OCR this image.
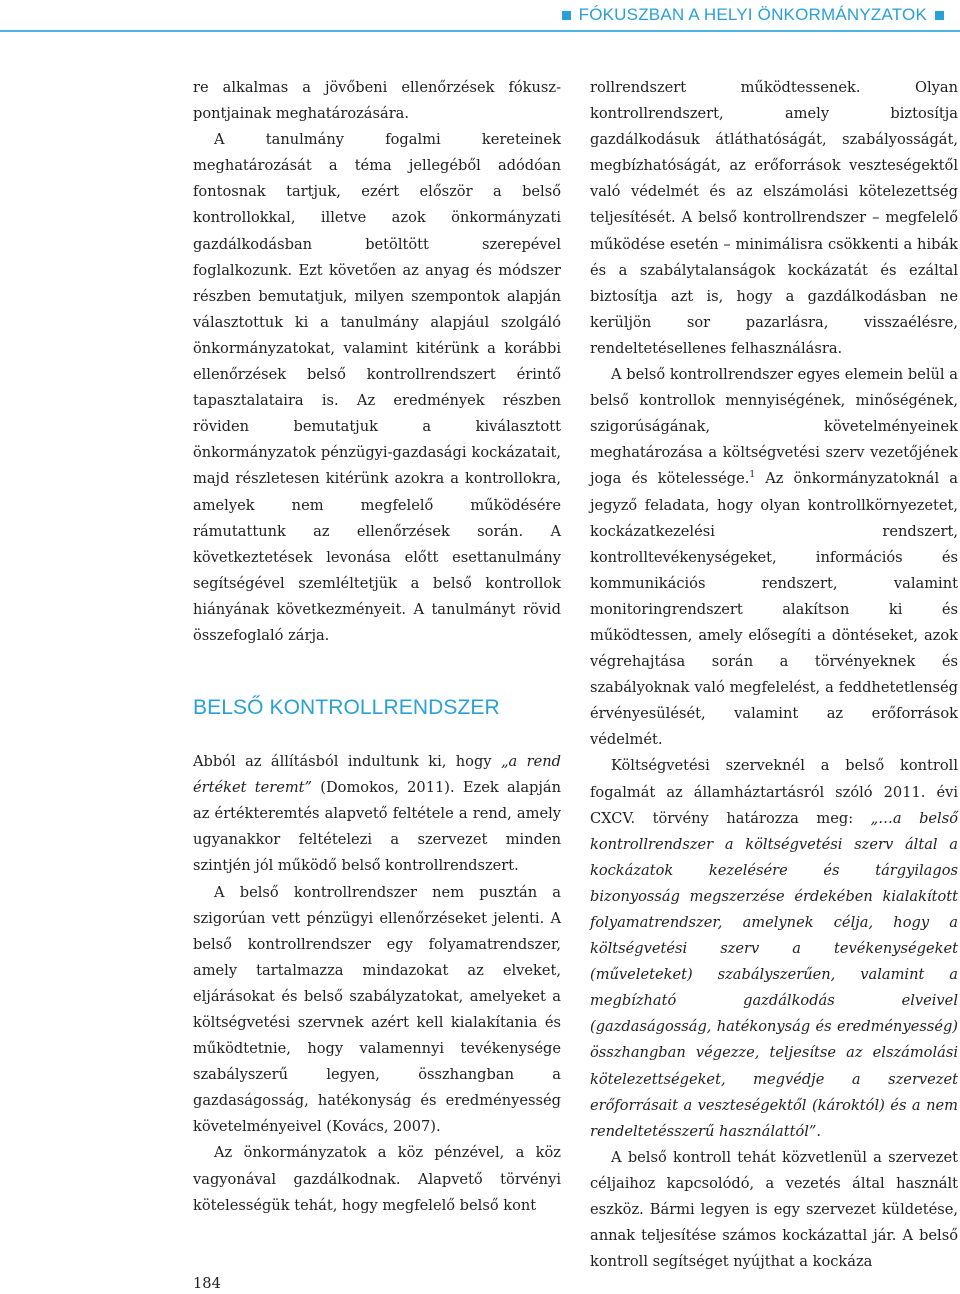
FÓKUSZBAN A HELYI ÖNKORMÁNYZATOK

re alkalmas a jövőbeni ellenőrzések fókuszpontjainak meghatározására.

A tanulmány fogalmi kereteinek meghatározását a téma jellegéből adódóan fontosnak tartjuk, ezért először a belső kontrollokkal, illetve azok önkormányzati gazdálkodásban betöltött szerepével foglalkozunk. Ezt követően az anyag és módszer részben bemutatjuk, milyen szempontok alapján választottuk ki a tanulmány alapjául szolgáló önkormányzatokat, valamint kitérünk a korábbi ellenőrzések belső kontrollrendszert érintő tapasztalataira is. Az eredmények részben röviden bemutatjuk a kiválasztott önkormányzatok pénzügyi-gazdasági kockázatait, majd részletesen kitérünk azokra a kontrollokra, amelyek nem megfelelő működésére rámutattunk az ellenőrzések során. A következtetések levonása előtt esettanulmány segítségével szemléltetjük a belső kontrollok hiányának következményeit. A tanulmányt rövid összefoglaló zárja.

BELSŐ KONTROLLRENDSZER

Abból az állításból indultunk ki, hogy „a rend értéket teremt” (Domokos, 2011). Ezek alapján az értékteremtés alapvető feltétele a rend, amely ugyanakkor feltételezi a szervezet minden szintjén jól működő belső kontrollrendszert.

A belső kontrollrendszer nem pusztán a szigorúan vett pénzügyi ellenőrzéseket jelenti. A belső kontrollrendszer egy folyamatrendszer, amely tartalmazza mindazokat az elveket, eljárásokat és belső szabályzatokat, amelyeket a költségvetési szervnek azért kell kialakítania és működtetnie, hogy valamennyi tevékenysége szabályszerű legyen, összhangban a gazdaságosság, hatékonyság és eredményesség követelményeivel (Kovács, 2007).

Az önkormányzatok a köz pénzével, a köz vagyonával gazdálkodnak. Alapvető törvényi kötelességük tehát, hogy megfelelő belső kont

rollrendszert működtessenek. Olyan kontrollrendszert, amely biztosítja gazdálkodásuk átláthatóságát, szabályosságát, megbízhatóságát, az erőforrások veszteségektől való védelmét és az elszámolási kötelezettség teljesítését. A belső kontrollrendszer – megfelelő működése esetén – minimálisra csökkenti a hibák és a szabálytalanságok kockázatát és ezáltal biztosítja azt is, hogy a gazdálkodásban ne kerüljön sor pazarlásra, visszaélésre, rendeltetésellenes felhasználásra.

A belső kontrollrendszer egyes elemein belül a belső kontrollok mennyiségének, minőségének, szigorúságának, követelményeinek meghatározása a költségvetési szerv vezetőjének joga és kötelessége.$^1$ Az önkormányzatoknál a jegyző feladata, hogy olyan kontrollkörnyezetet, kockázatkezelési rendszert, kontrolltevékenységeket, információs és kommunikációs rendszert, valamint monitoringrendszert alakítson ki és működtessen, amely elősegíti a döntéseket, azok végrehajtása során a törvényeknek és szabályoknak való megfelelést, a feddhetetlenség érvényesülését, valamint az erőforrások védelmét.

Költségvetési szerveknél a belső kontroll fogalmát az államháztartásról szóló 2011. évi CXCV. törvény határozza meg: „…a belső kontrollrendszer a költségvetési szerv által a kockázatok kezelésére és tárgyilagos bizonyosság megszerzése érdekében kialakított folyamatrendszer, amelynek célja, hogy a költségvetési szerv a tevékenységeket (műveleteket) szabályszerűen, valamint a megbízható gazdálkodás elveivel (gazdaságosság, hatékonyság és eredményesség) összhangban végezze, teljesítse az elszámolási kötelezettségeket, megvédje a szervezet erőforrásait a veszteségektől (károktól) és a nem rendeltetésszerű használattól”.

A belső kontroll tehát közvetlenül a szervezet céljaihoz kapcsolódó, a vezetés által használt eszköz. Bármi legyen is egy szervezet küldetése, annak teljesítése számos kockázattal jár. A belső kontroll segítséget nyújthat a kockáza

184
